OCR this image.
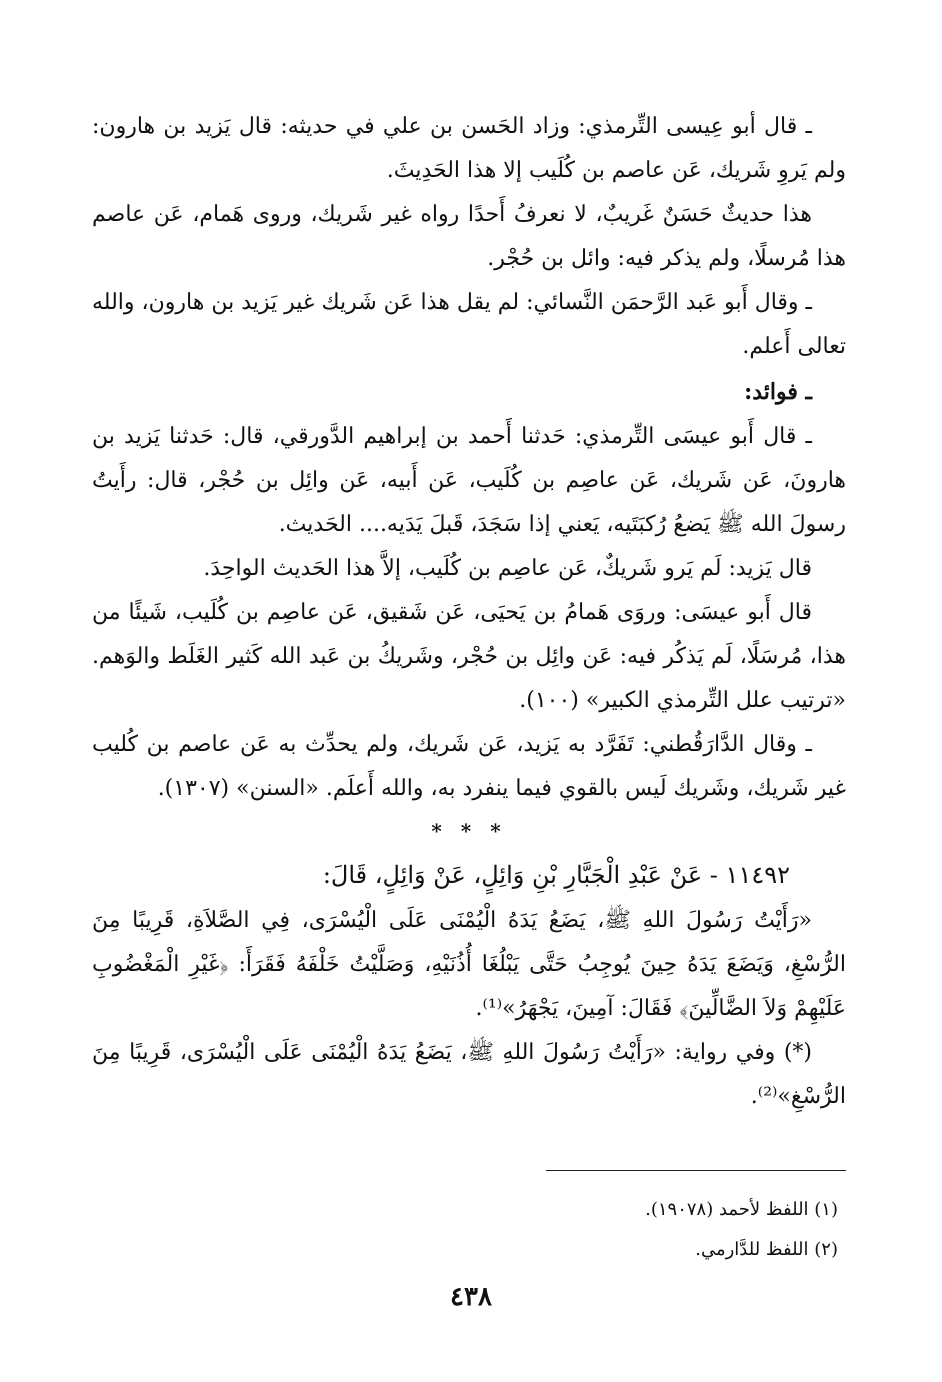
ـ قال أبو عِيسى التِّرمذي: وزاد الحَسن بن علي في حديثه: قال يَزيد بن هارون: ولم يَروِ شَريك، عَن عاصم بن كُلَيب إلا هذا الحَدِيثَ.

هذا حديثٌ حَسَنٌ غَريبٌ، لا نعرفُ أَحدًا رواه غير شَريك، وروى هَمام، عَن عاصم هذا مُرسلًا، ولم يذكر فيه: وائل بن حُجْر.

ـ وقال أَبو عَبد الرَّحمَن النَّسائي: لم يقل هذا عَن شَريك غير يَزيد بن هارون، والله تعالى أَعلم.

ـ فوائد:

ـ قال أَبو عيسَى التِّرمذي: حَدثنا أَحمد بن إبراهيم الدَّورقي، قال: حَدثنا يَزيد بن هارونَ، عَن شَريك، عَن عاصِم بن كُلَيب، عَن أَبيه، عَن وائِل بن حُجْر، قال: رأَيتُ رسولَ الله ﷺ يَضعُ رُكبَتَيه، يَعني إذا سَجَدَ، قَبلَ يَدَيه.... الحَديث.

قال يَزيد: لَم يَرو شَريكٌ، عَن عاصِم بن كُلَيب، إلاَّ هذا الحَديث الواحِدَ.

قال أَبو عيسَى: وروَى هَمامُ بن يَحيَى، عَن شَقيق، عَن عاصِم بن كُلَيب، شَيئًا من هذا، مُرسَلًا، لَم يَذكُر فيه: عَن وائِل بن حُجْر، وشَريكُ بن عَبد الله كَثير الغَلَط والوَهم. «ترتيب علل التِّرمذي الكبير» (١٠٠).

ـ وقال الدَّارَقُطني: تَفَرَّد به يَزيد، عَن شَريك، ولم يحدِّث به عَن عاصم بن كُليب غير شَريك، وشَريك لَيس بالقوي فيما ينفرد به، والله أَعلَم. «السنن» (١٣٠٧).

* * *

١١٤٩٢ - عَنْ عَبْدِ الْجَبَّارِ بْنِ وَائِلٍ، عَنْ وَائِلٍ، قَالَ:

«رَأَيْتُ رَسُولَ اللهِ ﷺ، يَضَعُ يَدَهُ الْيُمْنَى عَلَى الْيُسْرَى، فِي الصَّلاَةِ، قَرِيبًا مِنَ الرُّسْغِ، وَيَضَعَ يَدَهُ حِينَ يُوجِبُ حَتَّى يَبْلُغَا أُذُنَيْهِ، وَصَلَّيْتُ خَلْفَهُ فَقَرَأَ: ﴿غَيْرِ الْمَغْضُوبِ عَلَيْهِمْ وَلاَ الضَّالِّينَ﴾ فَقَالَ: آمِينَ، يَجْهَرُ»⁽¹⁾.

(*) وفي رواية: «رَأَيْتُ رَسُولَ اللهِ ﷺ، يَضَعُ يَدَهُ الْيُمْنَى عَلَى الْيُسْرَى، قَرِيبًا مِنَ الرُّسْغِ»⁽²⁾.

(١) اللفظ لأحمد (١٩٠٧٨).

(٢) اللفظ للدَّارمي.

٤٣٨
